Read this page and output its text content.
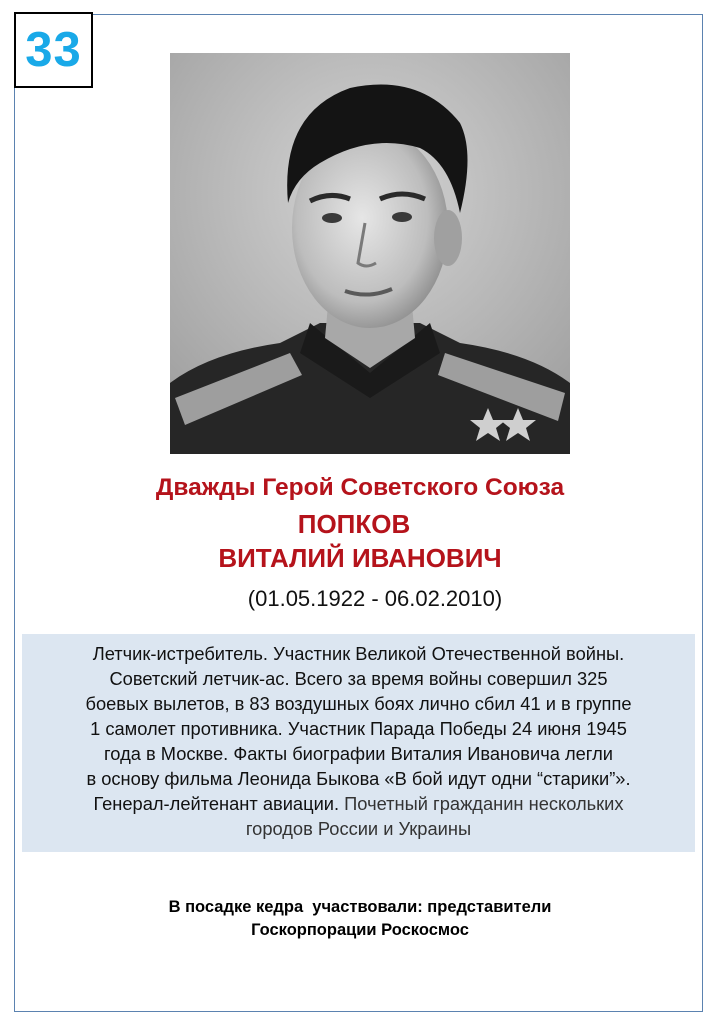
33
Дважды Герой Советского Союза
ПОПКОВ
ВИТАЛИЙ ИВАНОВИЧ
(01.05.1922 - 06.02.2010)
Летчик-истребитель. Участник Великой Отечественной войны.
Советский летчик-ас. Всего за время войны совершил 325
боевых вылетов, в 83 воздушных боях лично сбил 41 и в группе
1 самолет противника. Участник Парада Победы 24 июня 1945
года в Москве. Факты биографии Виталия Ивановича легли
в основу фильма Леонида Быкова «В бой идут одни “старики”».
Генерал-лейтенант авиации. Почетный гражданин нескольких
городов России и Украины
В посадке кедра  участвовали: представители
Госкорпорации Роскосмос
